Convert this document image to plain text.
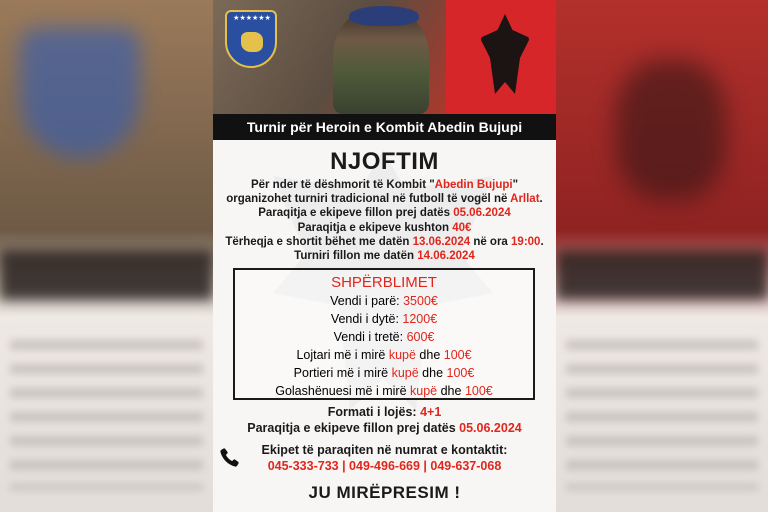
★★★★★★
Turnir për Heroin e Kombit Abedin Bujupi
NJOFTIM
Për nder të dëshmorit të Kombit "Abedin Bujupi"
organizohet turniri tradicional në futboll të vogël në Arllat.
Paraqitja e ekipeve fillon prej datës 05.06.2024
Paraqitja e ekipeve kushton 40€
Tërheqja e shortit bëhet me datën 13.06.2024 në ora 19:00.
Turniri fillon me datën 14.06.2024
SHPËRBLIMET
Vendi i parë: 3500€
Vendi i dytë: 1200€
Vendi i tretë: 600€
Lojtari më i mirë kupë dhe 100€
Portieri më i mirë kupë dhe 100€
Golashënuesi më i mirë kupë dhe 100€
Formati i lojës: 4+1
Paraqitja e ekipeve fillon prej datës 05.06.2024
Ekipet të paraqiten në numrat e kontaktit:
045-333-733 | 049-496-669 | 049-637-068
JU MIRËPRESIM !
